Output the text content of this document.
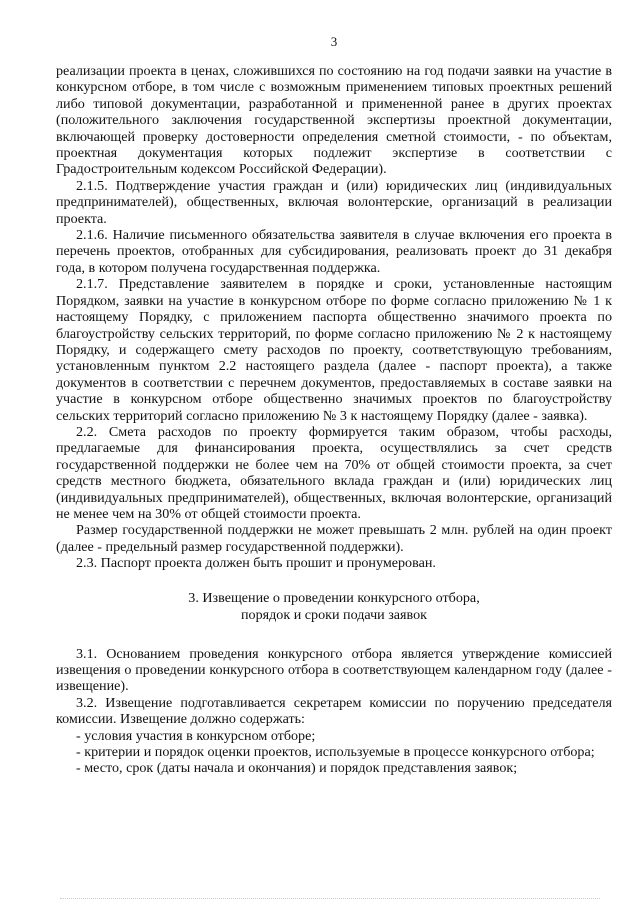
3

реализации проекта в ценах, сложившихся по состоянию на год подачи заявки на участие в конкурсном отборе, в том числе с возможным применением типовых проектных решений либо типовой документации, разработанной и примененной ранее в других проектах (положительного заключения государственной экспертизы проектной документации, включающей проверку достоверности определения сметной стоимости, - по объектам, проектная документация которых подлежит экспертизе в соответствии с Градостроительным кодексом Российской Федерации).

2.1.5. Подтверждение участия граждан и (или) юридических лиц (индивидуальных предпринимателей), общественных, включая волонтерские, организаций в реализации проекта.

2.1.6. Наличие письменного обязательства заявителя в случае включения его проекта в перечень проектов, отобранных для субсидирования, реализовать проект до 31 декабря года, в котором получена государственная поддержка.

2.1.7. Представление заявителем в порядке и сроки, установленные настоящим Порядком, заявки на участие в конкурсном отборе по форме согласно приложению № 1 к настоящему Порядку, с приложением паспорта общественно значимого проекта по благоустройству сельских территорий, по форме согласно приложению № 2 к настоящему Порядку, и содержащего смету расходов по проекту, соответствующую требованиям, установленным пунктом 2.2 настоящего раздела (далее - паспорт проекта), а также документов в соответствии с перечнем документов, предоставляемых в составе заявки на участие в конкурсном отборе общественно значимых проектов по благоустройству сельских территорий согласно приложению № 3 к настоящему Порядку (далее - заявка).

2.2. Смета расходов по проекту формируется таким образом, чтобы расходы, предлагаемые для финансирования проекта, осуществлялись за счет средств государственной поддержки не более чем на 70% от общей стоимости проекта, за счет средств местного бюджета, обязательного вклада граждан и (или) юридических лиц (индивидуальных предпринимателей), общественных, включая волонтерские, организаций не менее чем на 30% от общей стоимости проекта.

Размер государственной поддержки не может превышать 2 млн. рублей на один проект (далее - предельный размер государственной поддержки).

2.3. Паспорт проекта должен быть прошит и пронумерован.

3. Извещение о проведении конкурсного отбора,
порядок и сроки подачи заявок

3.1. Основанием проведения конкурсного отбора является утверждение комиссией извещения о проведении конкурсного отбора в соответствующем календарном году (далее - извещение).

3.2. Извещение подготавливается секретарем комиссии по поручению председателя комиссии. Извещение должно содержать:

- условия участия в конкурсном отборе;

- критерии и порядок оценки проектов, используемые в процессе конкурсного отбора;

- место, срок (даты начала и окончания) и порядок представления заявок;
